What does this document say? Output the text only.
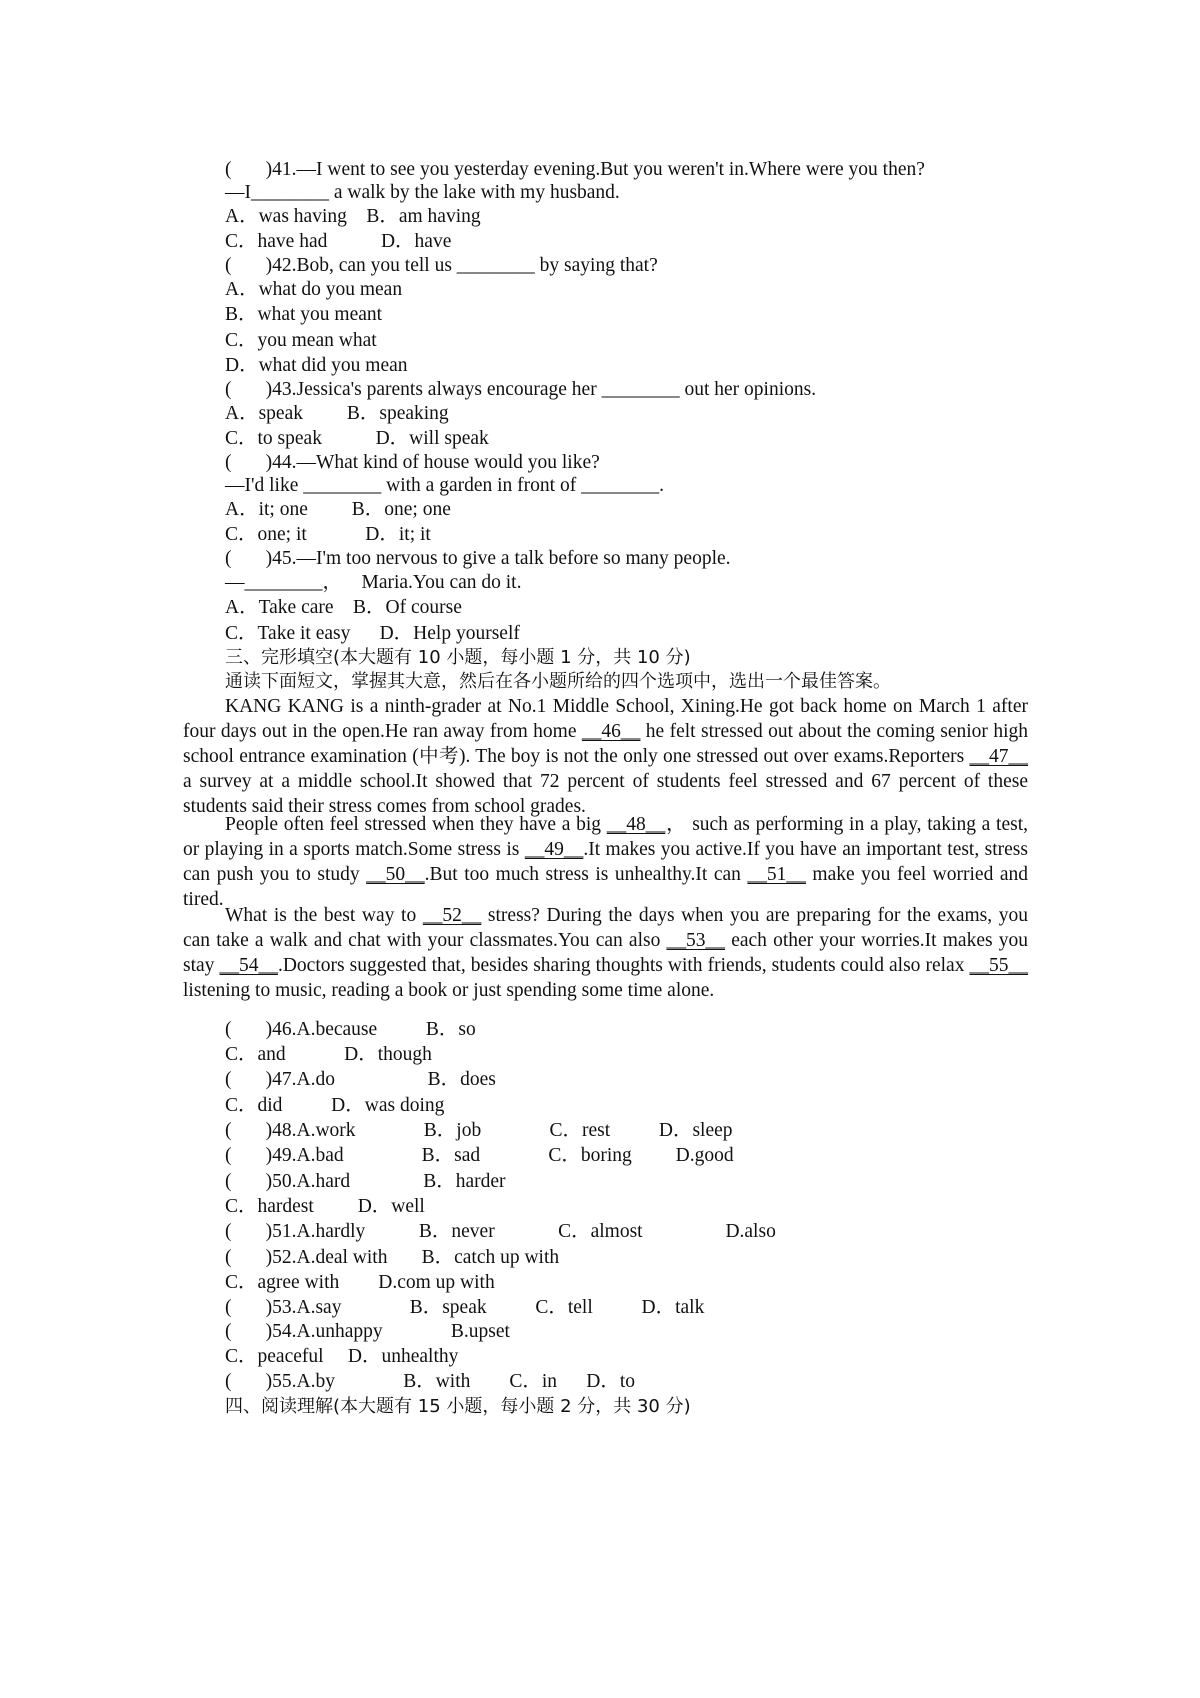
(       )41.—I went to see you yesterday evening.But you weren't in.Where were you then?
—I________ a walk by the lake with my husband.
A．was having    B．am having
C．have had           D．have
(       )42.Bob, can you tell us ________ by saying that?
A．what do you mean
B．what you meant
C．you mean what
D．what did you mean
(       )43.Jessica's parents always encourage her ________ out her opinions.
A．speak         B．speaking
C．to speak           D．will speak
(       )44.—What kind of house would you like?
—I'd like ________ with a garden in front of ________.
A．it; one         B．one; one
C．one; it            D．it; it
(       )45.—I'm too nervous to give a talk before so many people.
—________，    Maria.You can do it.
A．Take care    B．Of course
C．Take it easy      D．Help yourself
三、完形填空(本大题有 10 小题，每小题 1 分，共 10 分)
通读下面短文，掌握其大意，然后在各小题所给的四个选项中，选出一个最佳答案。
KANG KANG is a ninth-grader at No.1 Middle School, Xining.He got back home on March 1 after four days out in the open.He ran away from home __46__ he felt stressed out about the coming senior high school entrance examination (中考). The boy is not the only one stressed out over exams.Reporters __47__ a survey at a middle school.It showed that 72 percent of students feel stressed and 67 percent of these students said their stress comes from school grades.
People often feel stressed when they have a big __48__， such as performing in a play, taking a test, or playing in a sports match.Some stress is __49__.It makes you active.If you have an important test, stress can push you to study __50__.But too much stress is unhealthy.It can __51__ make you feel worried and tired.
What is the best way to __52__ stress? During the days when you are preparing for the exams, you can take a walk and chat with your classmates.You can also __53__ each other your worries.It makes you stay __54__.Doctors suggested that, besides sharing thoughts with friends, students could also relax __55__ listening to music, reading a book or just spending some time alone.
(       )46.A.because          B．so
C．and            D．though
(       )47.A.do                   B．does
C．did          D．was doing
(       )48.A.work              B．job              C．rest          D．sleep
(       )49.A.bad                B．sad              C．boring         D.good
(       )50.A.hard               B．harder
C．hardest         D．well
(       )51.A.hardly           B．never             C．almost                 D.also
(       )52.A.deal with       B．catch up with
C．agree with        D.com up with
(       )53.A.say              B．speak          C．tell          D．talk
(       )54.A.unhappy              B.upset
C．peaceful     D．unhealthy
(       )55.A.by              B．with        C．in      D．to
四、阅读理解(本大题有 15 小题，每小题 2 分，共 30 分)
